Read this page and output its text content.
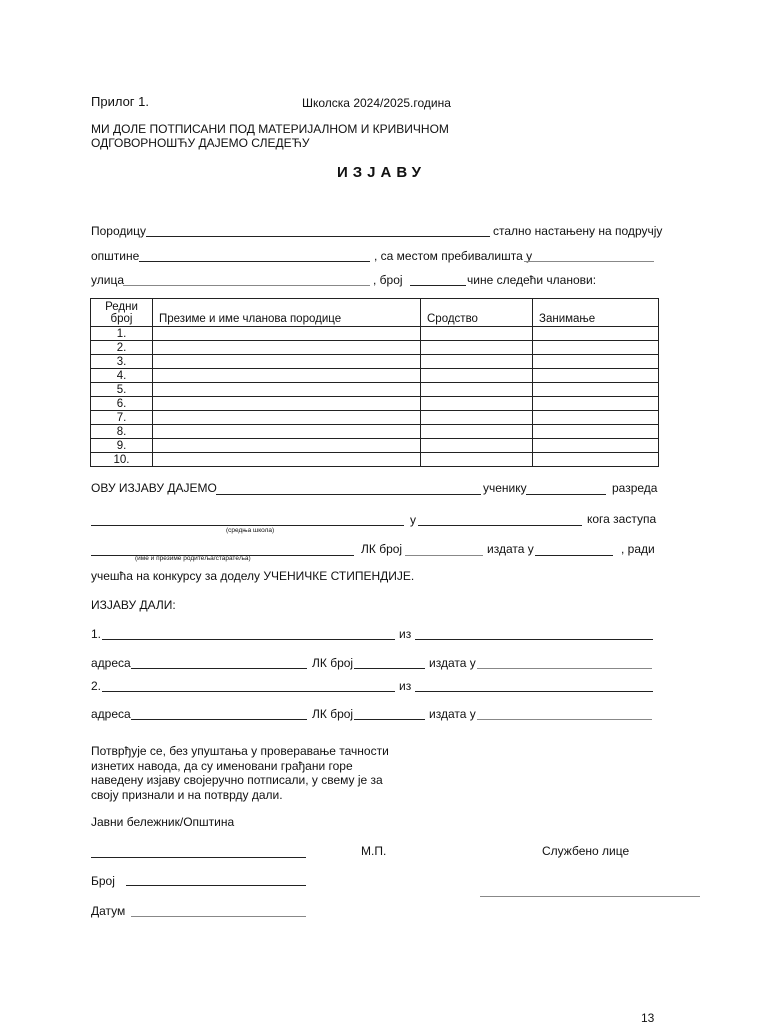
Прилог 1.	Школска 2024/2025.година
МИ ДОЛЕ ПОТПИСАНИ ПОД МАТЕРИЈАЛНОМ И КРИВИЧНОМ
ОДГОВОРНОШЋУ ДАЈЕМО СЛЕДЕЋУ
ИЗЈАВУ
Породицу	стално настањену на подручју
општине	, са местом пребивалишта у
улица	, број	чине следећи чланови:
Редни број	Презиме и име чланова породице	Сродство	Занимање
1.			
2.			
3.			
4.			
5.			
6.			
7.			
8.			
9.			
10.			
ОВУ ИЗЈАВУ ДАЈЕМО	ученику	разреда
у	кога заступа
(средња школа)
(име и презиме родитеља/старатеља)
ЛК број	издата у	, ради
учешћа на конкурсу за доделу УЧЕНИЧКЕ СТИПЕНДИЈЕ.
ИЗЈАВУ ДАЛИ:
1.	из
адреса	ЛК број	издата у
2.	из
адреса	ЛК број	издата у
Потврђује се, без упуштања у проверавање тачности
изнетих навода, да су именовани грађани горе
наведену изјаву својеручно потписали, у свему је за
своју признали и на потврду дали.
Јавни бележник/Општина
М.П.	Службено лице
Број
Датум
13
